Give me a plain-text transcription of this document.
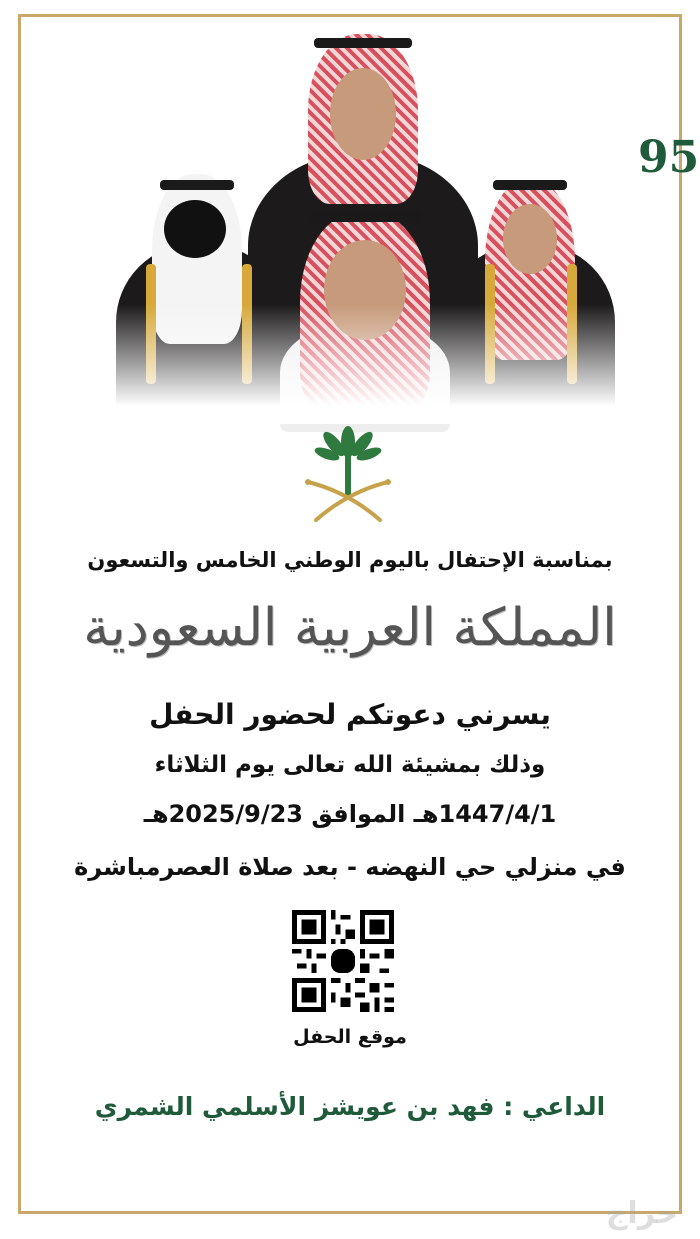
95
بمناسبة الإحتفال باليوم الوطني الخامس والتسعون
المملكة العربية السعودية
يسرني دعوتكم لحضور الحفل
وذلك بمشيئة الله تعالى يوم الثلاثاء
1447/4/1هـ الموافق 2025/9/23هـ
في منزلي حي النهضه - بعد صلاة العصرمباشرة
موقع الحفل
الداعي : فهد بن عويشز الأسلمي الشمري
حراج
